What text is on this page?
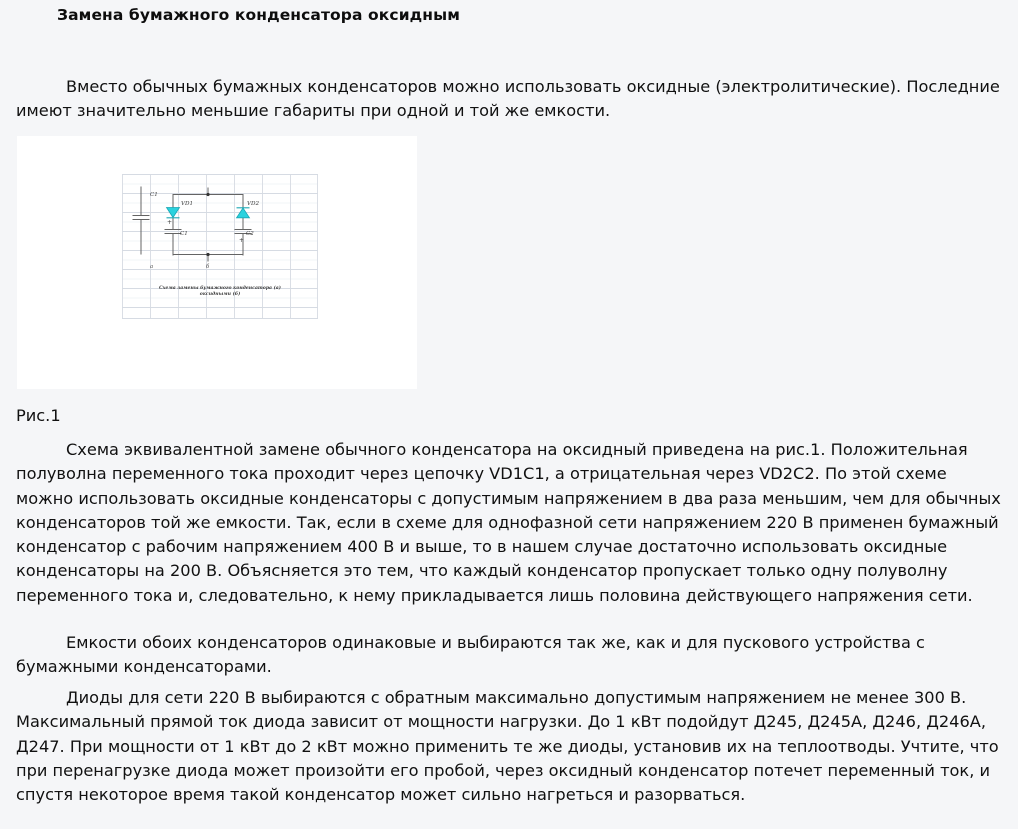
Замена бумажного конденсатора оксидным
Вместо обычных бумажных конденсаторов можно использовать оксидные (электролитические). Последние имеют значительно меньшие габариты при одной и той же емкости.
C1
VD1	VD2
C1	C2
+
+
а	б
Схема замены бумажного конденсатора (а)
оксидными (б)
Рис.1
Схема эквивалентной замене обычного конденсатора на оксидный приведена на рис.1. Положительная полуволна переменного тока проходит через цепочку VD1C1, а отрицательная через VD2C2. По этой схеме можно использовать оксидные конденсаторы с допустимым напряжением в два раза меньшим, чем для обычных конденсаторов той же емкости. Так, если в схеме для однофазной сети напряжением 220 В применен бумажный конденсатор с рабочим напряжением 400 В и выше, то в нашем случае достаточно использовать оксидные конденсаторы на 200 В. Объясняется это тем, что каждый конденсатор пропускает только одну полуволну переменного тока и, следовательно, к нему прикладывается лишь половина действующего напряжения сети.
Емкости обоих конденсаторов одинаковые и выбираются так же, как и для пускового устройства с бумажными конденсаторами.
Диоды для сети 220 В выбираются с обратным максимально допустимым напряжением не менее 300 В. Максимальный прямой ток диода зависит от мощности нагрузки. До 1 кВт подойдут Д245, Д245А, Д246, Д246А, Д247. При мощности от 1 кВт до 2 кВт можно применить те же диоды, установив их на теплоотводы. Учтите, что при перенагрузке диода может произойти его пробой, через оксидный конденсатор потечет переменный ток, и спустя некоторое время такой конденсатор может сильно нагреться и разорваться.
